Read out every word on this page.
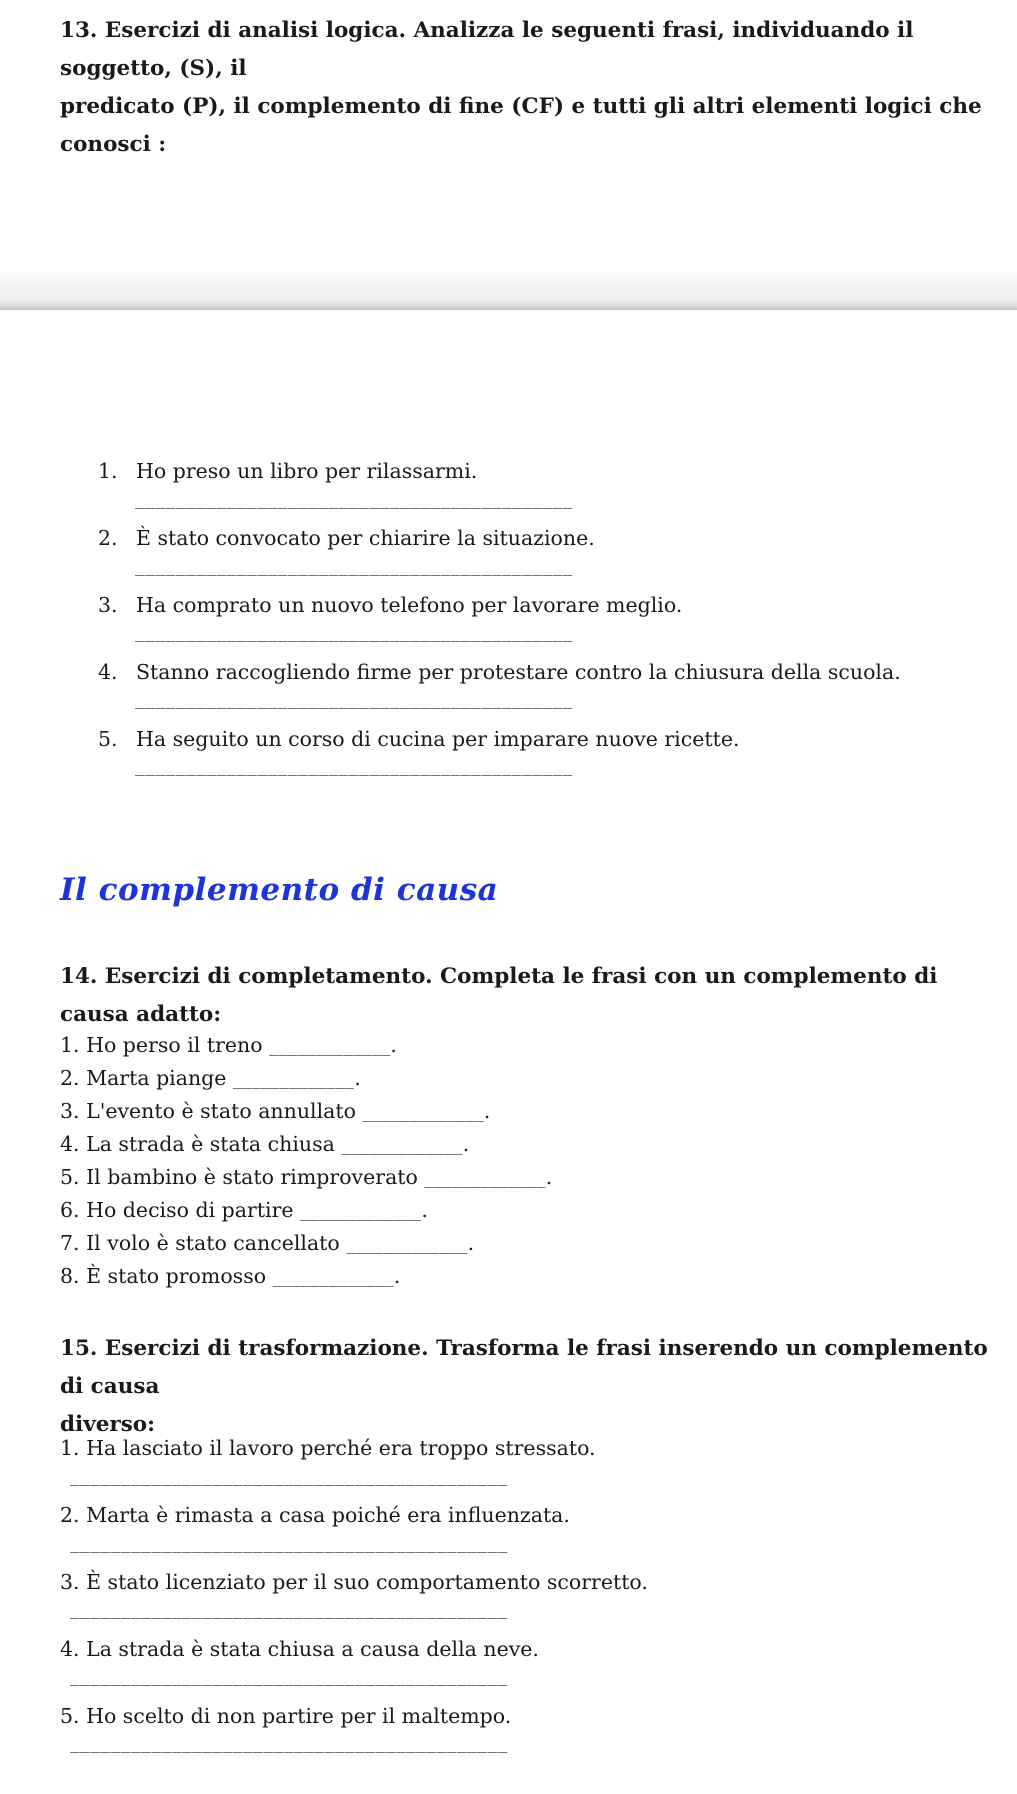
13. Esercizi di analisi logica. Analizza le seguenti frasi, individuando il soggetto, (S), il
predicato (P), il complemento di fine (CF) e tutti gli altri elementi logici che conosci :
1. Ho preso un libro per rilassarmi.
___________________________________________
2. È stato convocato per chiarire la situazione.
___________________________________________
3. Ha comprato un nuovo telefono per lavorare meglio.
___________________________________________
4. Stanno raccogliendo firme per protestare contro la chiusura della scuola.
___________________________________________
5. Ha seguito un corso di cucina per imparare nuove ricette.
___________________________________________
Il complemento di causa
14. Esercizi di completamento. Completa le frasi con un complemento di causa adatto:
1. Ho perso il treno _____________.
2. Marta piange _____________.
3. L'evento è stato annullato _____________.
4. La strada è stata chiusa _____________.
5. Il bambino è stato rimproverato _____________.
6. Ho deciso di partire _____________.
7. Il volo è stato cancellato _____________.
8. È stato promosso _____________.
15. Esercizi di trasformazione. Trasforma le frasi inserendo un complemento di causa
diverso:
1. Ha lasciato il lavoro perché era troppo stressato.
___________________________________________
2. Marta è rimasta a casa poiché era influenzata.
___________________________________________
3. È stato licenziato per il suo comportamento scorretto.
___________________________________________
4. La strada è stata chiusa a causa della neve.
___________________________________________
5. Ho scelto di non partire per il maltempo.
___________________________________________
